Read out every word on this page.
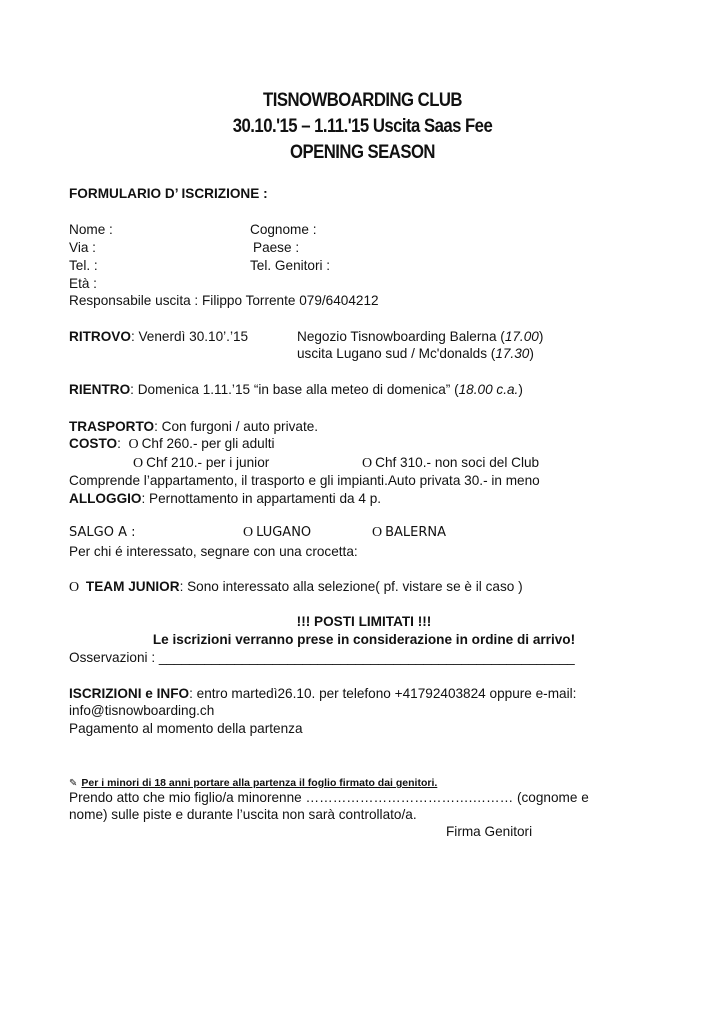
TISNOWBOARDING CLUB
30.10.'15 – 1.11.'15 Uscita Saas Fee
OPENING SEASON
FORMULARIO D’ ISCRIZIONE :
Nome :	Cognome :
Via :	Paese :
Tel. :	Tel. Genitori :
Età :
Responsabile uscita : Filippo Torrente 079/6404212
RITROVO: Venerdì 30.10’.’15	Negozio Tisnowboarding Balerna (17.00)
uscita Lugano sud / Mc'donalds (17.30)
RIENTRO: Domenica 1.11.’15 “in base alla meteo di domenica” (18.00 c.a.)
TRASPORTO: Con furgoni / auto private.
COSTO: O Chf 260.- per gli adulti
O Chf 210.- per i junior	O Chf 310.- non soci del Club
Comprende l’appartamento, il trasporto e gli impianti.Auto privata 30.- in meno
ALLOGGIO: Pernottamento in appartamenti da 4 p.
SALGO A :	O LUGANO	O BALERNA
Per chi é interessato, segnare con una crocetta:
O TEAM JUNIOR: Sono interessato alla selezione( pf. vistare se è il caso )
!!! POSTI LIMITATI !!!
Le iscrizioni verranno prese in considerazione in ordine di arrivo!
Osservazioni : _______________________________________________________
ISCRIZIONI e INFO: entro martedì26.10. per telefono +41792403824 oppure e-mail:
info@tisnowboarding.ch
Pagamento al momento della partenza
✎ Per i minori di 18 anni portare alla partenza il foglio firmato dai genitori.
Prendo atto che mio figlio/a minorenne ……………………………….……… (cognome e
nome) sulle piste e durante l’uscita non sarà controllato/a.
Firma Genitori
